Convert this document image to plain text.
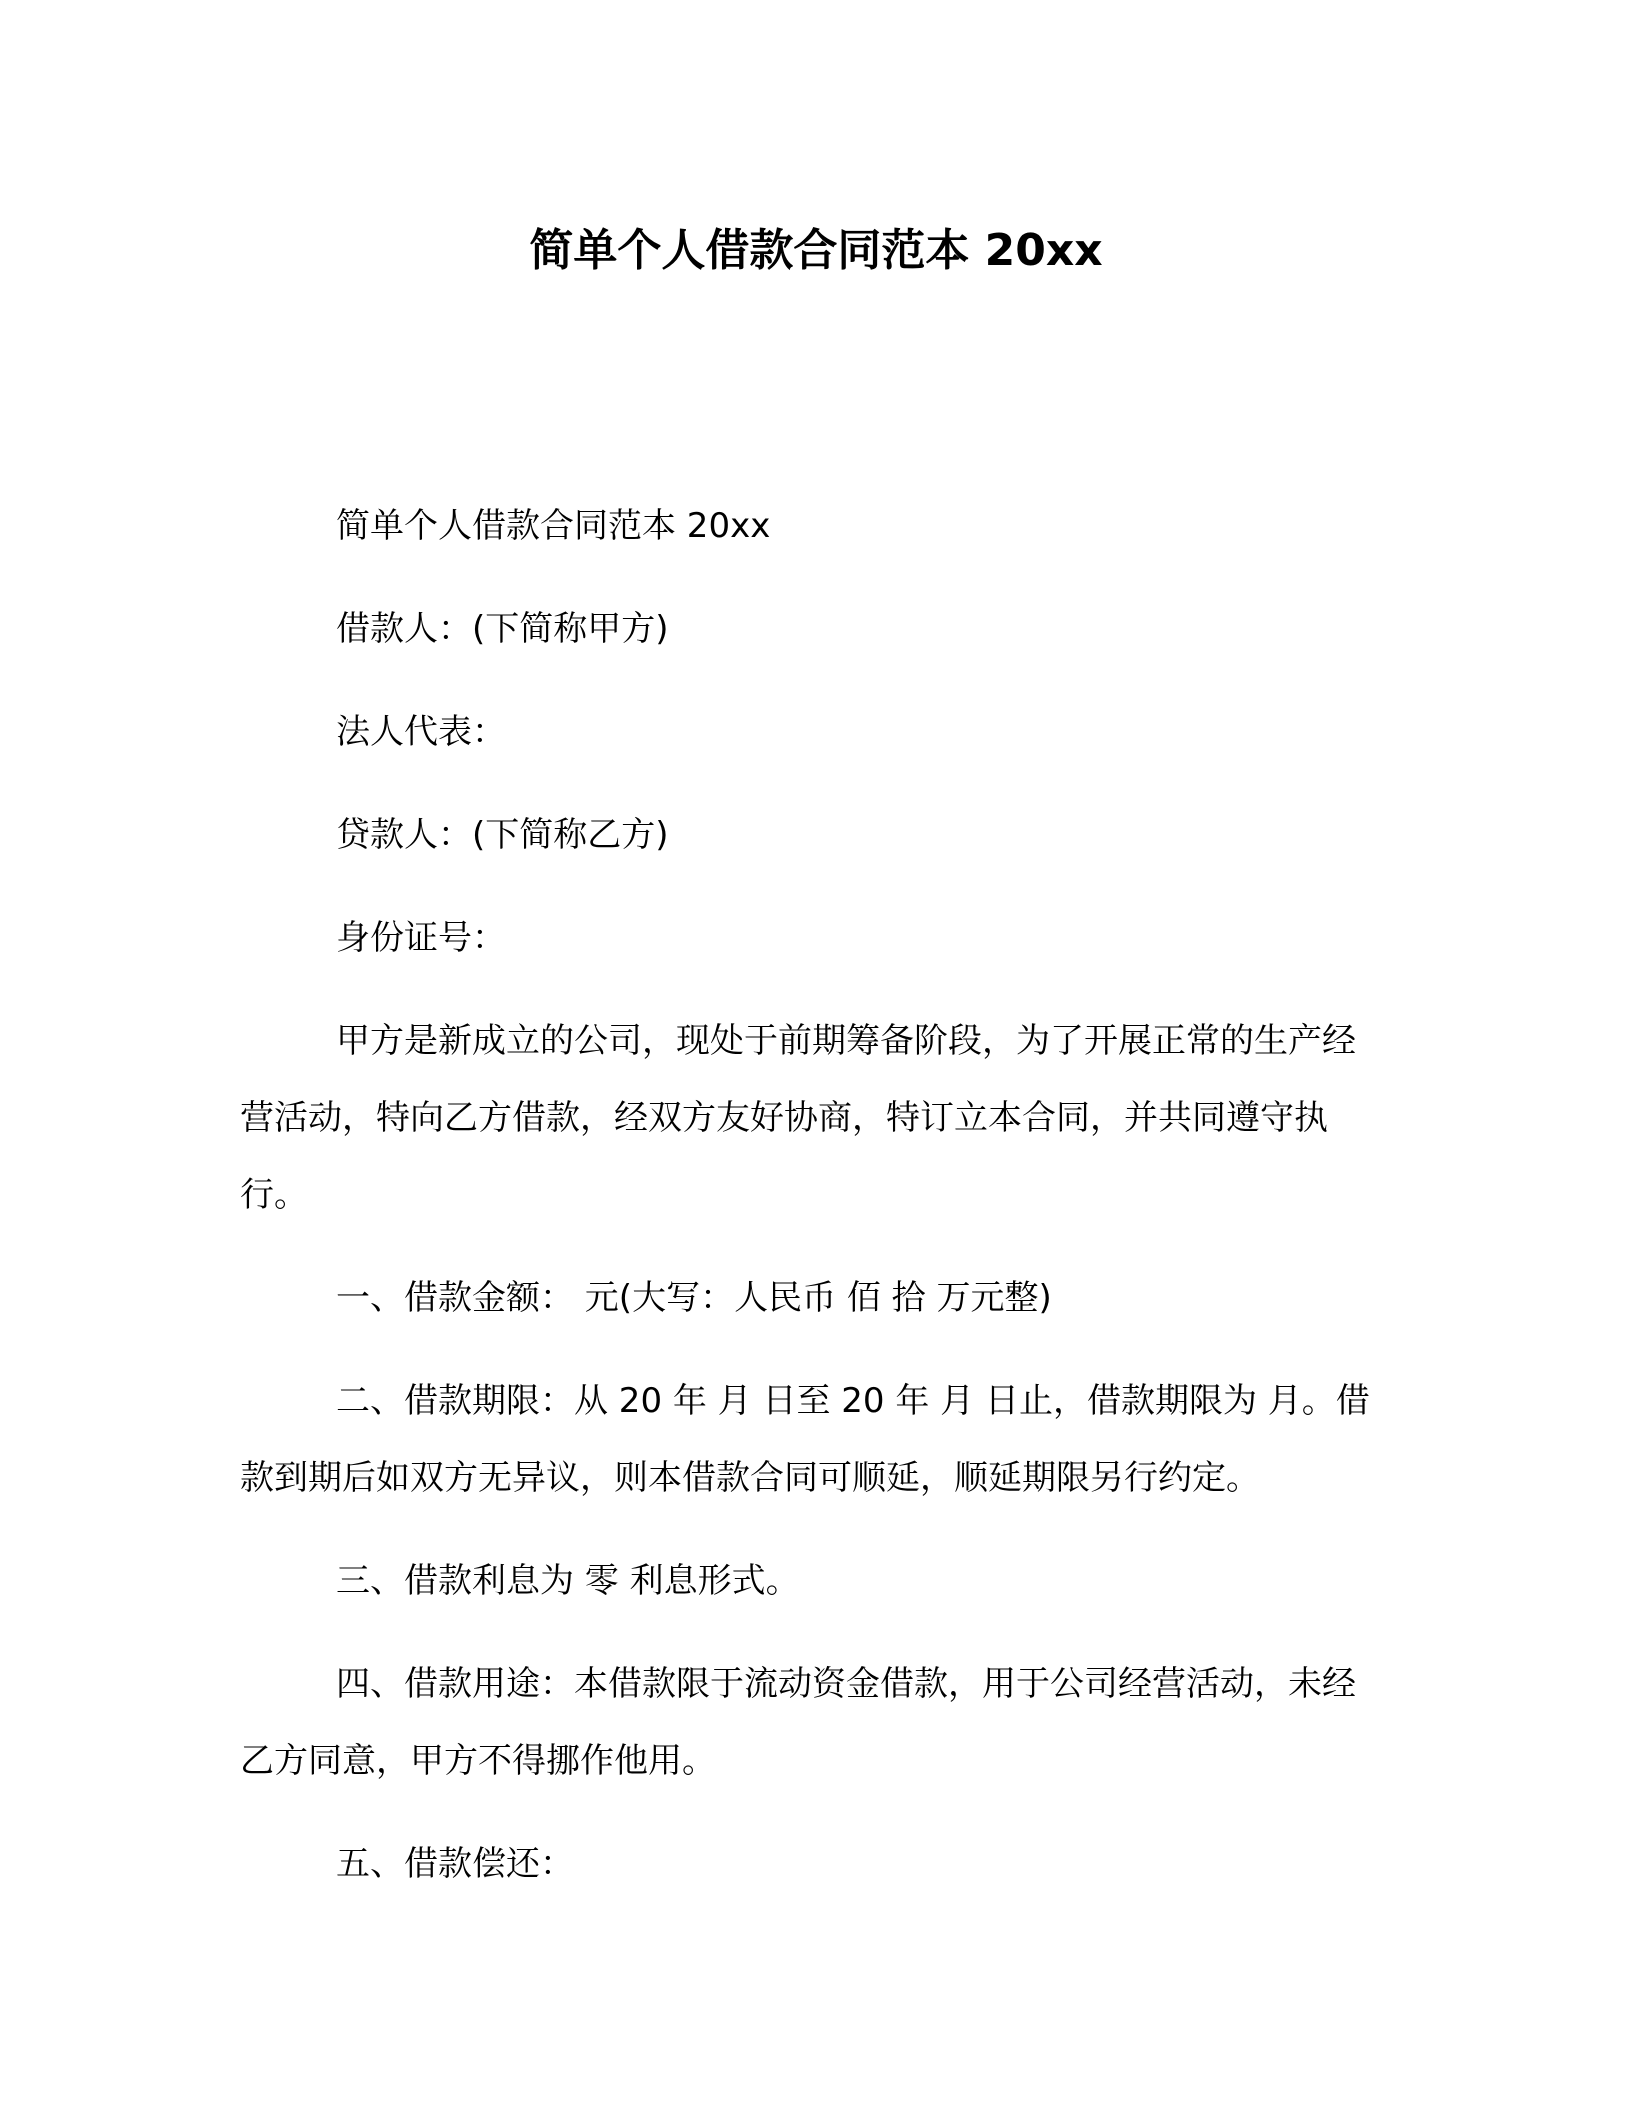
简单个人借款合同范本 20xx

简单个人借款合同范本 20xx

借款人：(下简称甲方)

法人代表：

贷款人：(下简称乙方)

身份证号：

甲方是新成立的公司，现处于前期筹备阶段，为了开展正常的生产经营活动，特向乙方借款，经双方友好协商，特订立本合同，并共同遵守执行。

一、借款金额： 元(大写：人民币 佰 拾 万元整)

二、借款期限：从 20 年 月 日至 20 年 月 日止，借款期限为 月。借款到期后如双方无异议，则本借款合同可顺延，顺延期限另行约定。

三、借款利息为 零 利息形式。

四、借款用途：本借款限于流动资金借款，用于公司经营活动，未经乙方同意，甲方不得挪作他用。

五、借款偿还：
